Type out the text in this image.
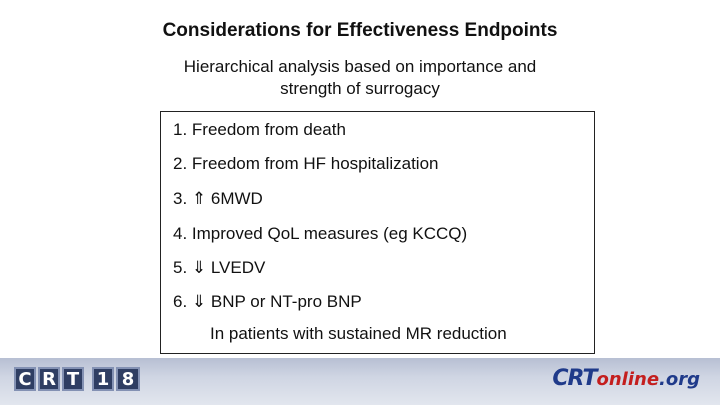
Considerations for Effectiveness Endpoints
Hierarchical analysis based on importance and
strength of surrogacy
1. Freedom from death
2. Freedom from HF hospitalization
3. ⇑ 6MWD
4. Improved QoL measures (eg KCCQ)
5. ⇓ LVEDV
6. ⇓ BNP or NT-pro BNP
In patients with sustained MR reduction
C R T 1 8	CRT online .org
